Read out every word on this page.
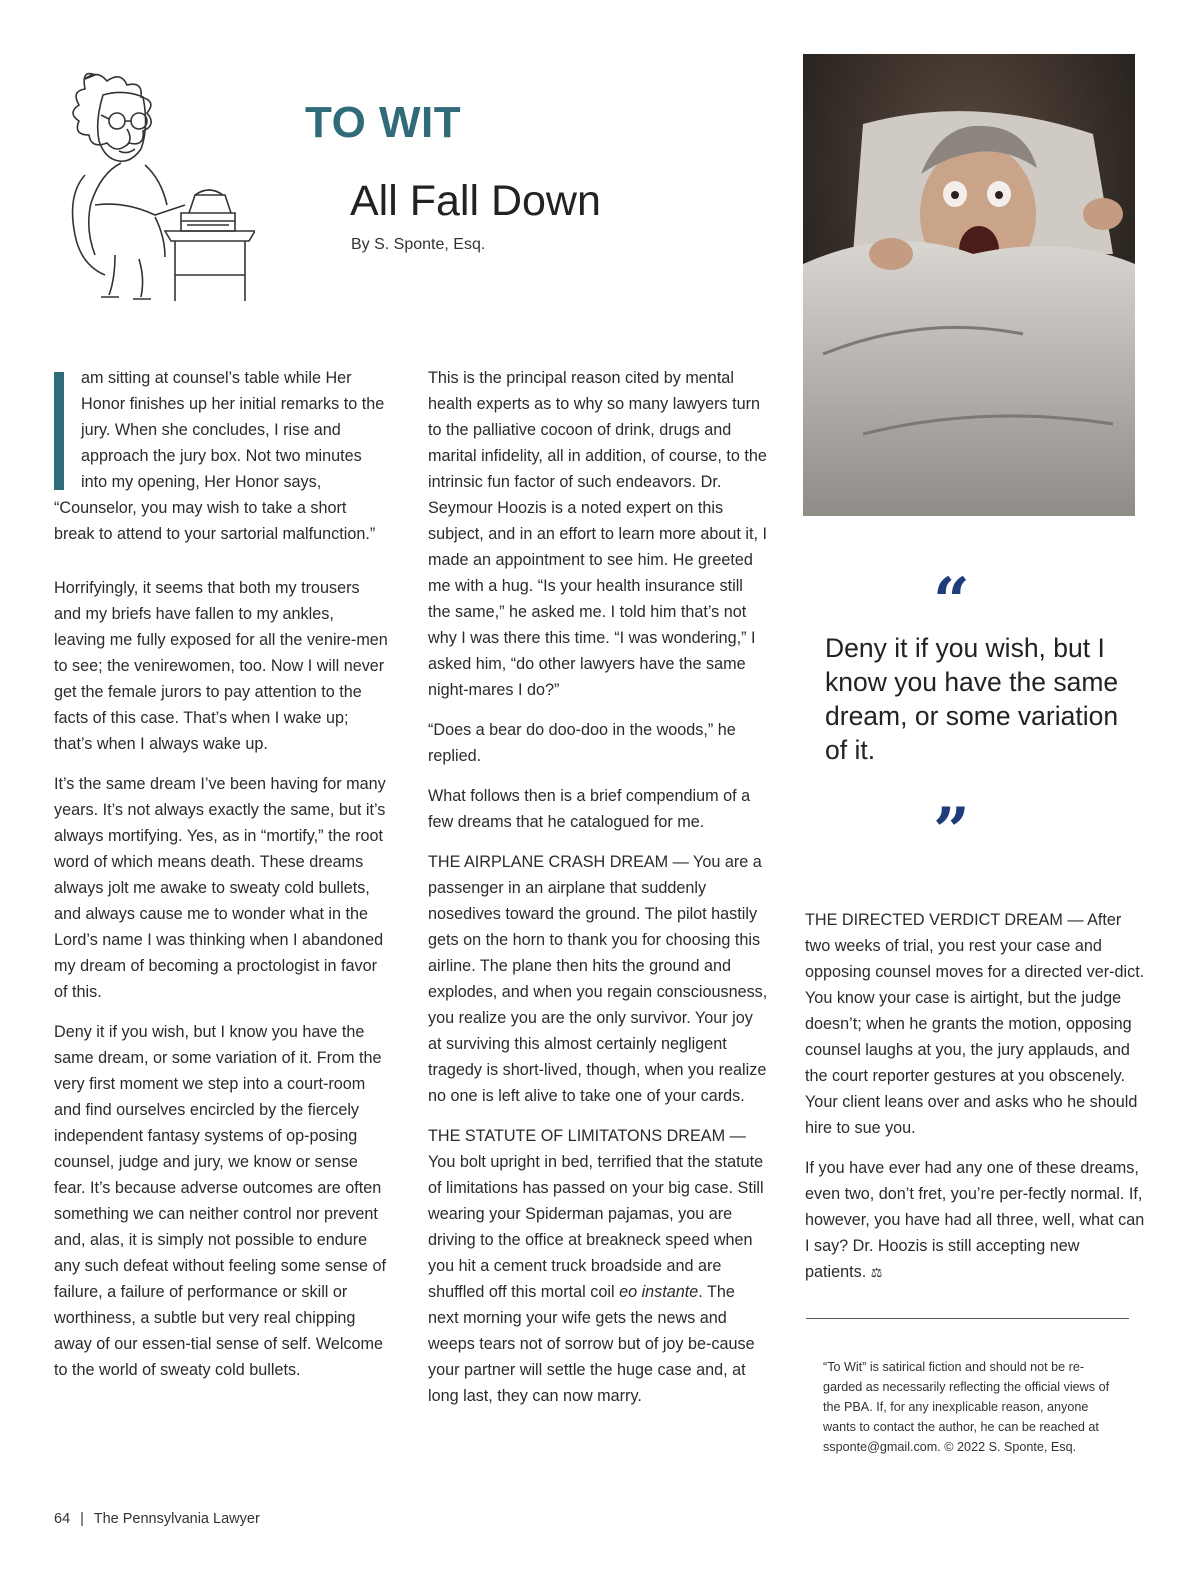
TO WIT
All Fall Down

By S. Sponte, Esq.

am sitting at counsel’s table while Her Honor finishes up her initial remarks to the jury. When she concludes, I rise and approach the jury box. Not two minutes into my opening, Her Honor says, “Counselor, you may wish to take a short break to attend to your sartorial malfunction.”

Horrifyingly, it seems that both my trousers and my briefs have fallen to my ankles, leaving me fully exposed for all the venire-men to see; the venirewomen, too. Now I will never get the female jurors to pay attention to the facts of this case. That’s when I wake up; that’s when I always wake up.

It’s the same dream I’ve been having for many years. It’s not always exactly the same, but it’s always mortifying. Yes, as in “mortify,” the root word of which means death. These dreams always jolt me awake to sweaty cold bullets, and always cause me to wonder what in the Lord’s name I was thinking when I abandoned my dream of becoming a proctologist in favor of this.

Deny it if you wish, but I know you have the same dream, or some variation of it. From the very first moment we step into a court-room and find ourselves encircled by the fiercely independent fantasy systems of op-posing counsel, judge and jury, we know or sense fear. It’s because adverse outcomes are often something we can neither control nor prevent and, alas, it is simply not possible to endure any such defeat without feeling some sense of failure, a failure of performance or skill or worthiness, a subtle but very real chipping away of our essen-tial sense of self. Welcome to the world of sweaty cold bullets.

This is the principal reason cited by mental health experts as to why so many lawyers turn to the palliative cocoon of drink, drugs and marital infidelity, all in addition, of course, to the intrinsic fun factor of such endeavors. Dr. Seymour Hoozis is a noted expert on this subject, and in an effort to learn more about it, I made an appointment to see him. He greeted me with a hug. “Is your health insurance still the same,” he asked me. I told him that’s not why I was there this time. “I was wondering,” I asked him, “do other lawyers have the same night-mares I do?”

“Does a bear do doo-doo in the woods,” he replied.

What follows then is a brief compendium of a few dreams that he catalogued for me.

THE AIRPLANE CRASH DREAM — You are a passenger in an airplane that suddenly nosedives toward the ground. The pilot hastily gets on the horn to thank you for choosing this airline. The plane then hits the ground and explodes, and when you regain consciousness, you realize you are the only survivor. Your joy at surviving this almost certainly negligent tragedy is short-lived, though, when you realize no one is left alive to take one of your cards.

THE STATUTE OF LIMITATONS DREAM — You bolt upright in bed, terrified that the statute of limitations has passed on your big case. Still wearing your Spiderman pajamas, you are driving to the office at breakneck speed when you hit a cement truck broadside and are shuffled off this mortal coil eo instante. The next morning your wife gets the news and weeps tears not of sorrow but of joy be-cause your partner will settle the huge case and, at long last, they can now marry.

“

Deny it if you wish, but I know you have the same dream, or some variation of it.

”

THE DIRECTED VERDICT DREAM — After two weeks of trial, you rest your case and opposing counsel moves for a directed ver-dict. You know your case is airtight, but the judge doesn’t; when he grants the motion, opposing counsel laughs at you, the jury applauds, and the court reporter gestures at you obscenely. Your client leans over and asks who he should hire to sue you.

If you have ever had any one of these dreams, even two, don’t fret, you’re per-fectly normal. If, however, you have had all three, well, what can I say? Dr. Hoozis is still accepting new patients. ⚖

“To Wit” is satirical fiction and should not be re-garded as necessarily reflecting the official views of the PBA. If, for any inexplicable reason, anyone wants to contact the author, he can be reached at ssponte@gmail.com. © 2022 S. Sponte, Esq.

64 | The Pennsylvania Lawyer
